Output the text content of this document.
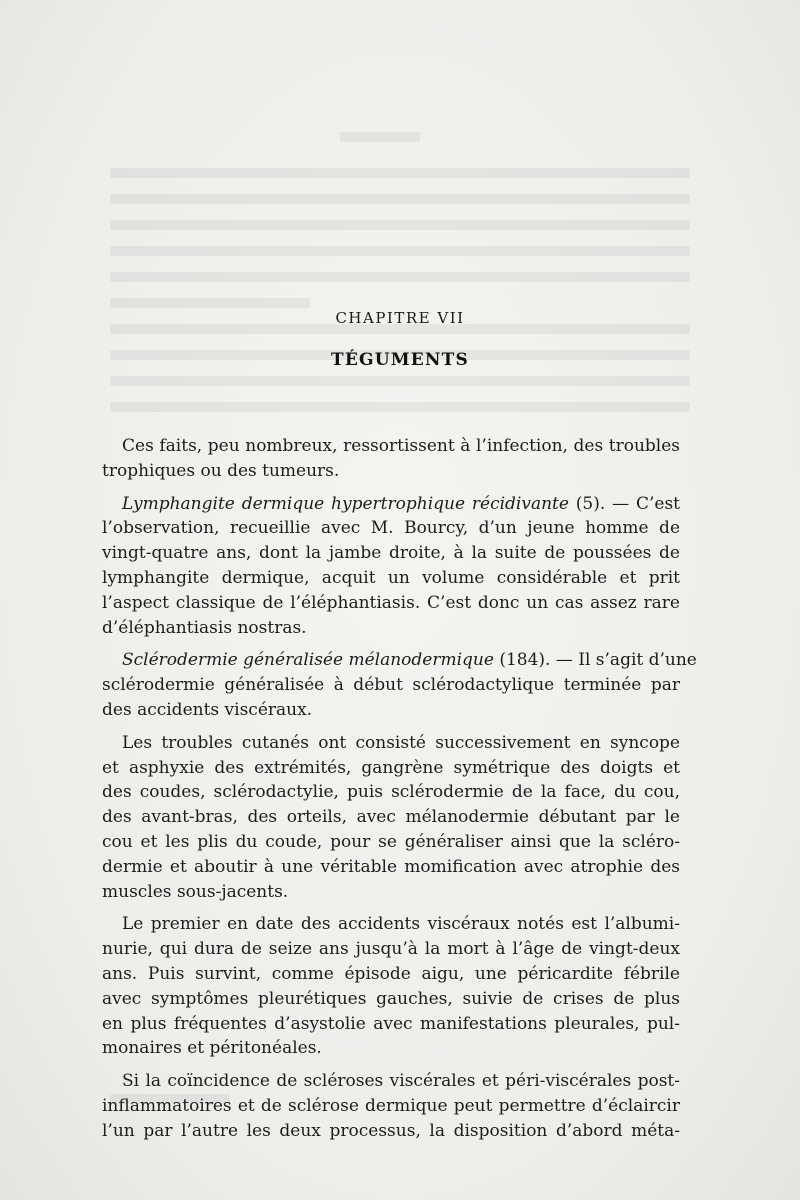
CHAPITRE VII
TÉGUMENTS
Ces faits, peu nombreux, ressortissent à l’infection, des troubles
trophiques ou des tumeurs.
Lymphangite dermique hypertrophique récidivante (5). — C’est
l’observation, recueillie avec M. Bourcy, d’un jeune homme de
vingt-quatre ans, dont la jambe droite, à la suite de poussées de
lymphangite dermique, acquit un volume considérable et prit
l’aspect classique de l’éléphantiasis. C’est donc un cas assez rare
d’éléphantiasis nostras.
Sclérodermie généralisée mélanodermique (184). — Il s’agit d’une
sclérodermie généralisée à début sclérodactylique terminée par
des accidents viscéraux.
Les troubles cutanés ont consisté successivement en syncope
et asphyxie des extrémités, gangrène symétrique des doigts et
des coudes, sclérodactylie, puis sclérodermie de la face, du cou,
des avant-bras, des orteils, avec mélanodermie débutant par le
cou et les plis du coude, pour se généraliser ainsi que la scléro-
dermie et aboutir à une véritable momification avec atrophie des
muscles sous-jacents.
Le premier en date des accidents viscéraux notés est l’albumi-
nurie, qui dura de seize ans jusqu’à la mort à l’âge de vingt-deux
ans. Puis survint, comme épisode aigu, une péricardite fébrile
avec symptômes pleurétiques gauches, suivie de crises de plus
en plus fréquentes d’asystolie avec manifestations pleurales, pul-
monaires et péritonéales.
Si la coïncidence de scléroses viscérales et péri-viscérales post-
inflammatoires et de sclérose dermique peut permettre d’éclaircir
l’un par l’autre les deux processus, la disposition d’abord méta-
